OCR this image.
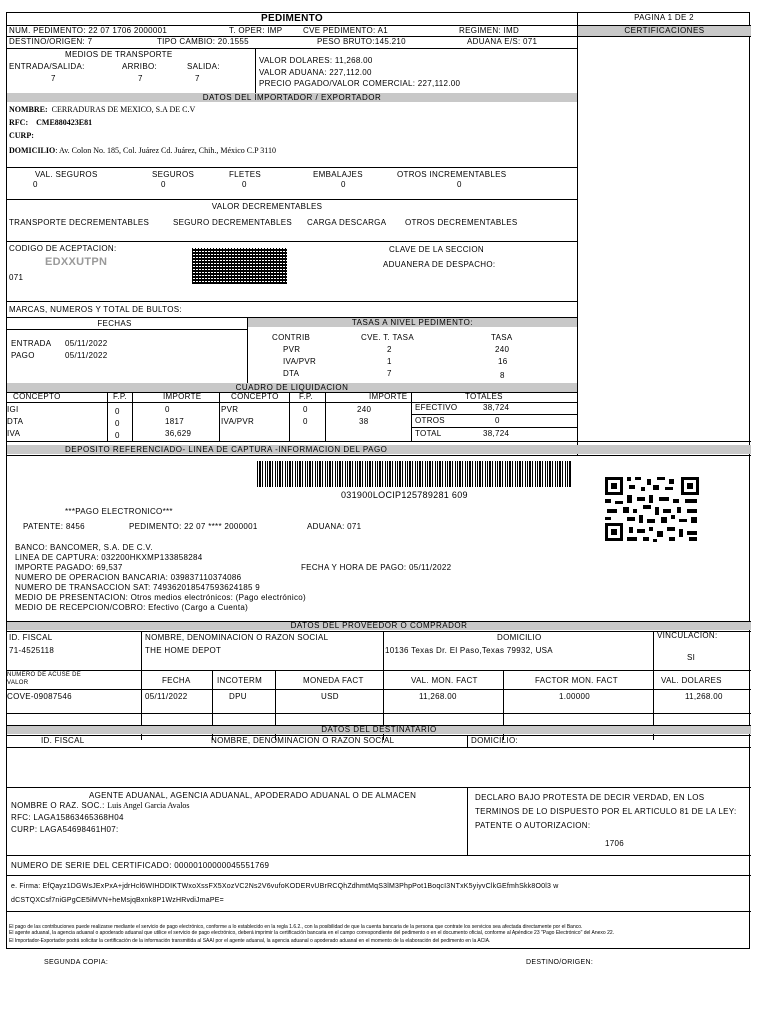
PEDIMENTO	PAGINA 1 DE 2
NUM. PEDIMENTO: 22 07 1706 2000001	T. OPER: IMP	CVE PEDIMENTO: A1	REGIMEN: IMD	CERTIFICACIONES
DESTINO/ORIGEN: 7	TIPO CAMBIO: 20.1555	PESO BRUTO:145.210	ADUANA E/S: 071
MEDIOS DE TRANSPORTE
ENTRADA/SALIDA:	ARRIBO:	SALIDA:
7	7	7
VALOR DOLARES: 11,268.00
VALOR ADUANA: 227,112.00
PRECIO PAGADO/VALOR COMERCIAL: 227,112.00
DATOS DEL IMPORTADOR / EXPORTADOR
NOMBRE: CERRADURAS DE MEXICO, S.A DE C.V
RFC: CME880423E81
CURP:
DOMICILIO: Av. Colon No. 185, Col. Juárez Cd. Juárez, Chih., México C.P 3110
VAL. SEGUROS	SEGUROS	FLETES	EMBALAJES	OTROS INCREMENTABLES
0	0	0	0	0
VALOR DECREMENTABLES
TRANSPORTE DECREMENTABLES	SEGURO DECREMENTABLES CARGA DESCARGA OTROS DECREMENTABLES
CODIGO DE ACEPTACION:
EDXXUTPN
CLAVE DE LA SECCION
ADUANERA DE DESPACHO:
071
MARCAS, NUMEROS Y TOTAL DE BULTOS:
FECHAS	TASAS A NIVEL PEDIMENTO:
ENTRADA 05/11/2022
PAGO	05/11/2022
CONTRIB	CVE. T. TASA	TASA
PVR	2	240
IVA/PVR	1	16
DTA	7	8
CUADRO DE LIQUIDACION
CONCEPTO	F.P.	IMPORTE	CONCEPTO	F.P.	IMPORTE	TOTALES
IGI	0	0
DTA	0	1817
IVA	0	36,629
PVR	0	240
IVA/PVR	0	38
EFECTIVO	38,724
OTROS	0
TOTAL	38,724
DEPOSITO REFERENCIADO- LINEA DE CAPTURA -INFORMACION DEL PAGO
031900LOCIP125789281 609
***PAGO ELECTRONICO***
PATENTE: 8456	PEDIMENTO: 22 07 **** 2000001	ADUANA: 071
BANCO: BANCOMER, S.A. DE C.V.
LINEA DE CAPTURA: 032200HKXMP133858284
IMPORTE PAGADO: 69,537
NUMERO DE OPERACION BANCARIA: 039837110374086
NUMERO DE TRANSACCION SAT: 749362018547593624185 9
MEDIO DE PRESENTACION: Otros medios electrónicos: (Pago electrónico)
MEDIO DE RECEPCION/COBRO: Efectivo (Cargo a Cuenta)
FECHA Y HORA DE PAGO: 05/11/2022
DATOS DEL PROVEEDOR O COMPRADOR
ID. FISCAL
71-4525118
NOMBRE, DENOMINACION O RAZON SOCIAL
THE HOME DEPOT
DOMICILIO
10136 Texas Dr. El Paso,Texas 79932, USA
VINCULACION:
SI
NUMERO DE ACUSE DE
VALOR	FECHA	INCOTERM	MONEDA FACT	VAL. MON. FACT	FACTOR MON. FACT	VAL. DOLARES
COVE-09087546	05/11/2022	DPU	USD	11,268.00	1.00000	11,268.00
DATOS DEL DESTINATARIO
ID. FISCAL	NOMBRE, DENOMINACION O RAZON SOCIAL	DOMICILIO:
AGENTE ADUANAL, AGENCIA ADUANAL, APODERADO ADUANAL O DE ALMACEN
NOMBRE O RAZ. SOC.: Luis Angel Garcia Avalos
RFC: LAGA15863465368H04
CURP: LAGA54698461H07:
DECLARO BAJO PROTESTA DE DECIR VERDAD, EN LOS
TERMINOS DE LO DISPUESTO POR EL ARTICULO 81 DE LA LEY:
PATENTE O AUTORIZACION:
1706
NUMERO DE SERIE DEL CERTIFICADO: 00000100000045551769
e. Firma: EfQayz1DGWsJExPxA+jdrHcl6WIHDDIKTWxoXssFX5XozVC2Ns2V6vufoKODERvUBrRCQhZdhmtMqS3lM3PhpPot1BoqcI3NTxK5yiyvClkGEfmhSkk8O0l3 w
dCSTQXCsf7niGPgCE5iMVN+heMsjqBxnk8P1WzHRvdiJmaPE=
El pago de las contribuciones puede realizarse mediante el servicio de pago electrónico, conforme a lo establecido en la regla 1.6.2., con la posibilidad de que la cuenta bancaria de la persona que contrate los servicios sea afectada directamente por el Banco.
El agente aduanal, la agencia aduanal o apoderado aduanal que utilice el servicio de pago electrónico, deberá imprimir la certificación bancaria en el campo correspondiente del pedimento o en el documento oficial, conforme al Apéndice 23 "Pago Electrónico" del Anexo 22.
El Importador-Exportador podrá solicitar la certificación de la información transmitida al SAAI por el agente aduanal, la agencia aduanal o apoderado aduanal en el momento de la elaboración del pedimento en la ACIA.
SEGUNDA COPIA:	DESTINO/ORIGEN:
